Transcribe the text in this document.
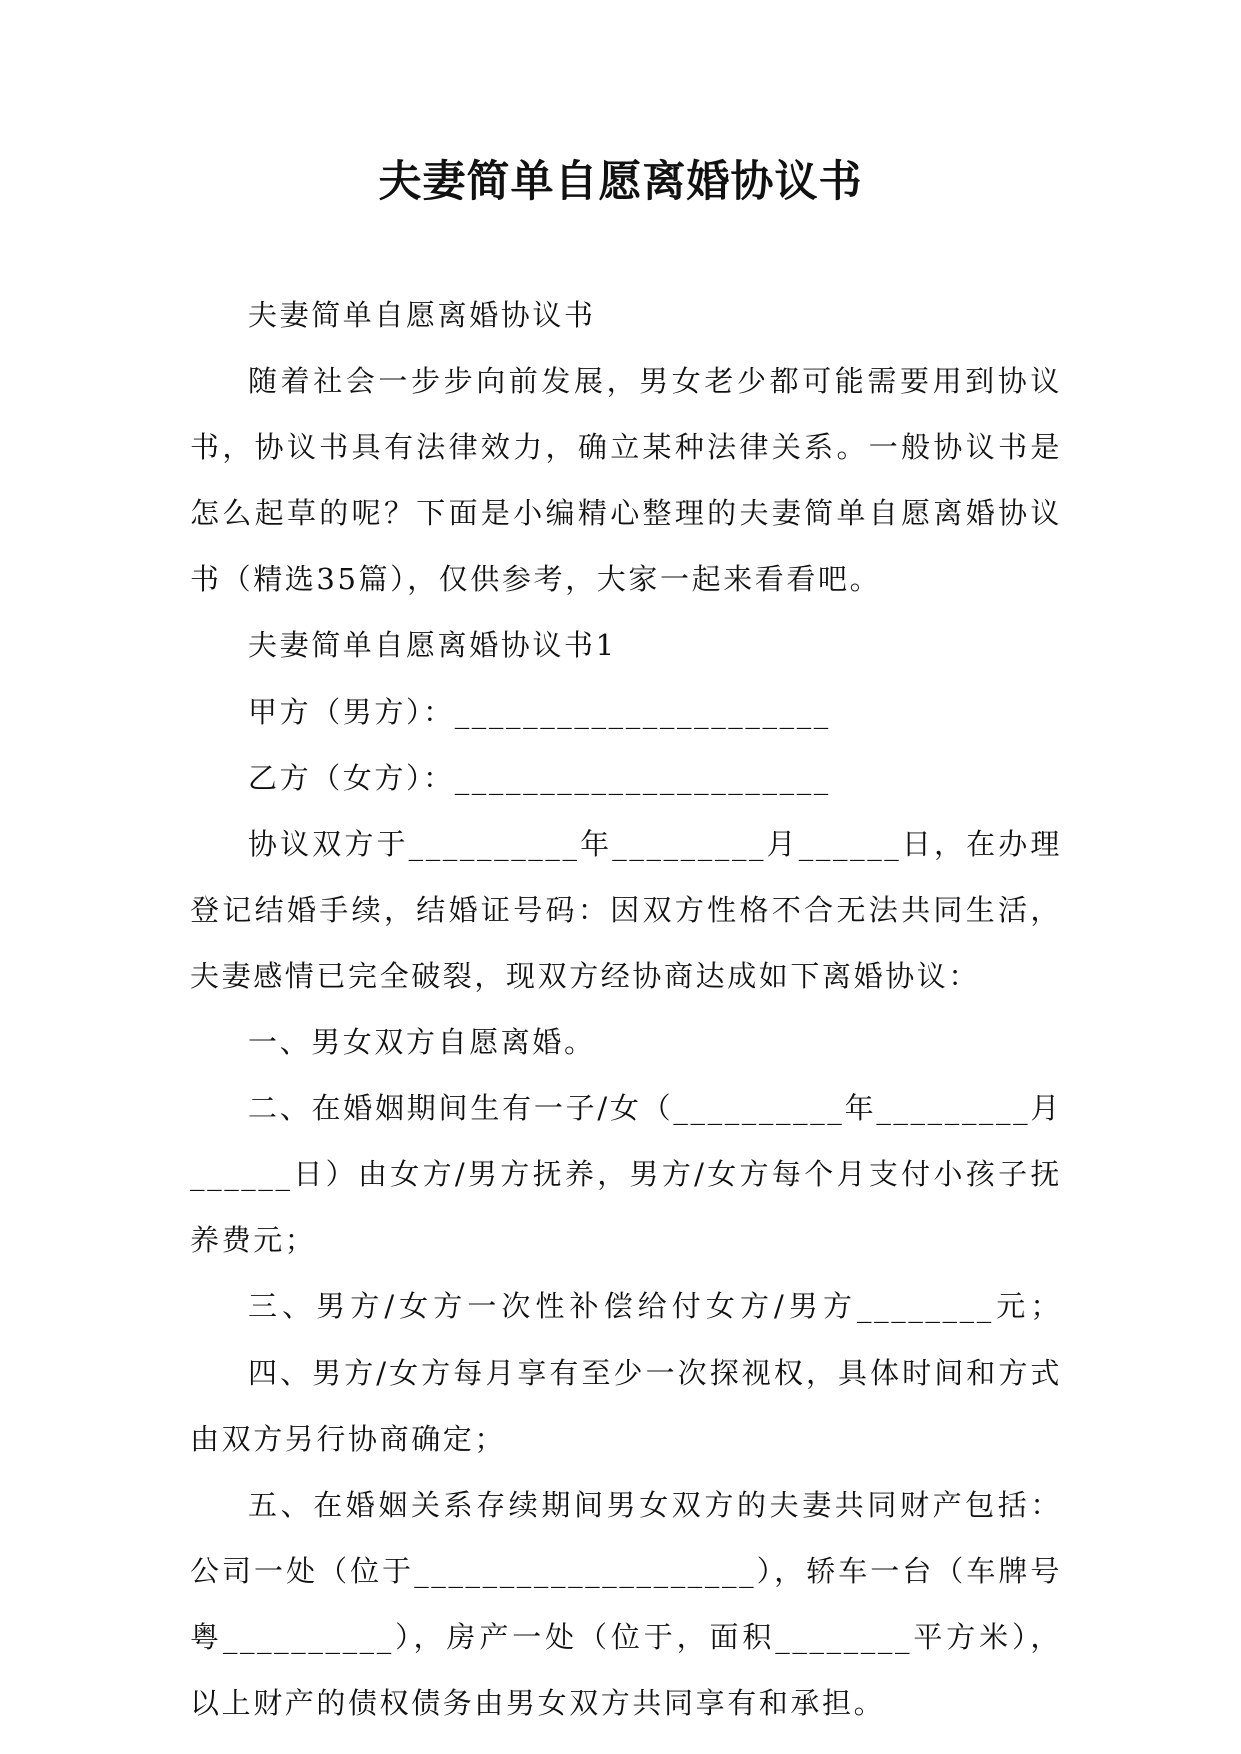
夫妻简单自愿离婚协议书

夫妻简单自愿离婚协议书

随着社会一步步向前发展，男女老少都可能需要用到协议书，协议书具有法律效力，确立某种法律关系。一般协议书是怎么起草的呢？下面是小编精心整理的夫妻简单自愿离婚协议书（精选35篇），仅供参考，大家一起来看看吧。

夫妻简单自愿离婚协议书1

甲方（男方）：______________________

乙方（女方）：______________________

协议双方于__________年_________月______日，在办理登记结婚手续，结婚证号码：因双方性格不合无法共同生活，夫妻感情已完全破裂，现双方经协商达成如下离婚协议：

一、男女双方自愿离婚。

二、在婚姻期间生有一子/女（__________年_________月______日）由女方/男方抚养，男方/女方每个月支付小孩子抚养费元；

三、男方/女方一次性补偿给付女方/男方________元；

四、男方/女方每月享有至少一次探视权，具体时间和方式由双方另行协商确定；

五、在婚姻关系存续期间男女双方的夫妻共同财产包括：公司一处（位于____________________），轿车一台（车牌号粤__________），房产一处（位于，面积________平方米），以上财产的债权债务由男女双方共同享有和承担。
